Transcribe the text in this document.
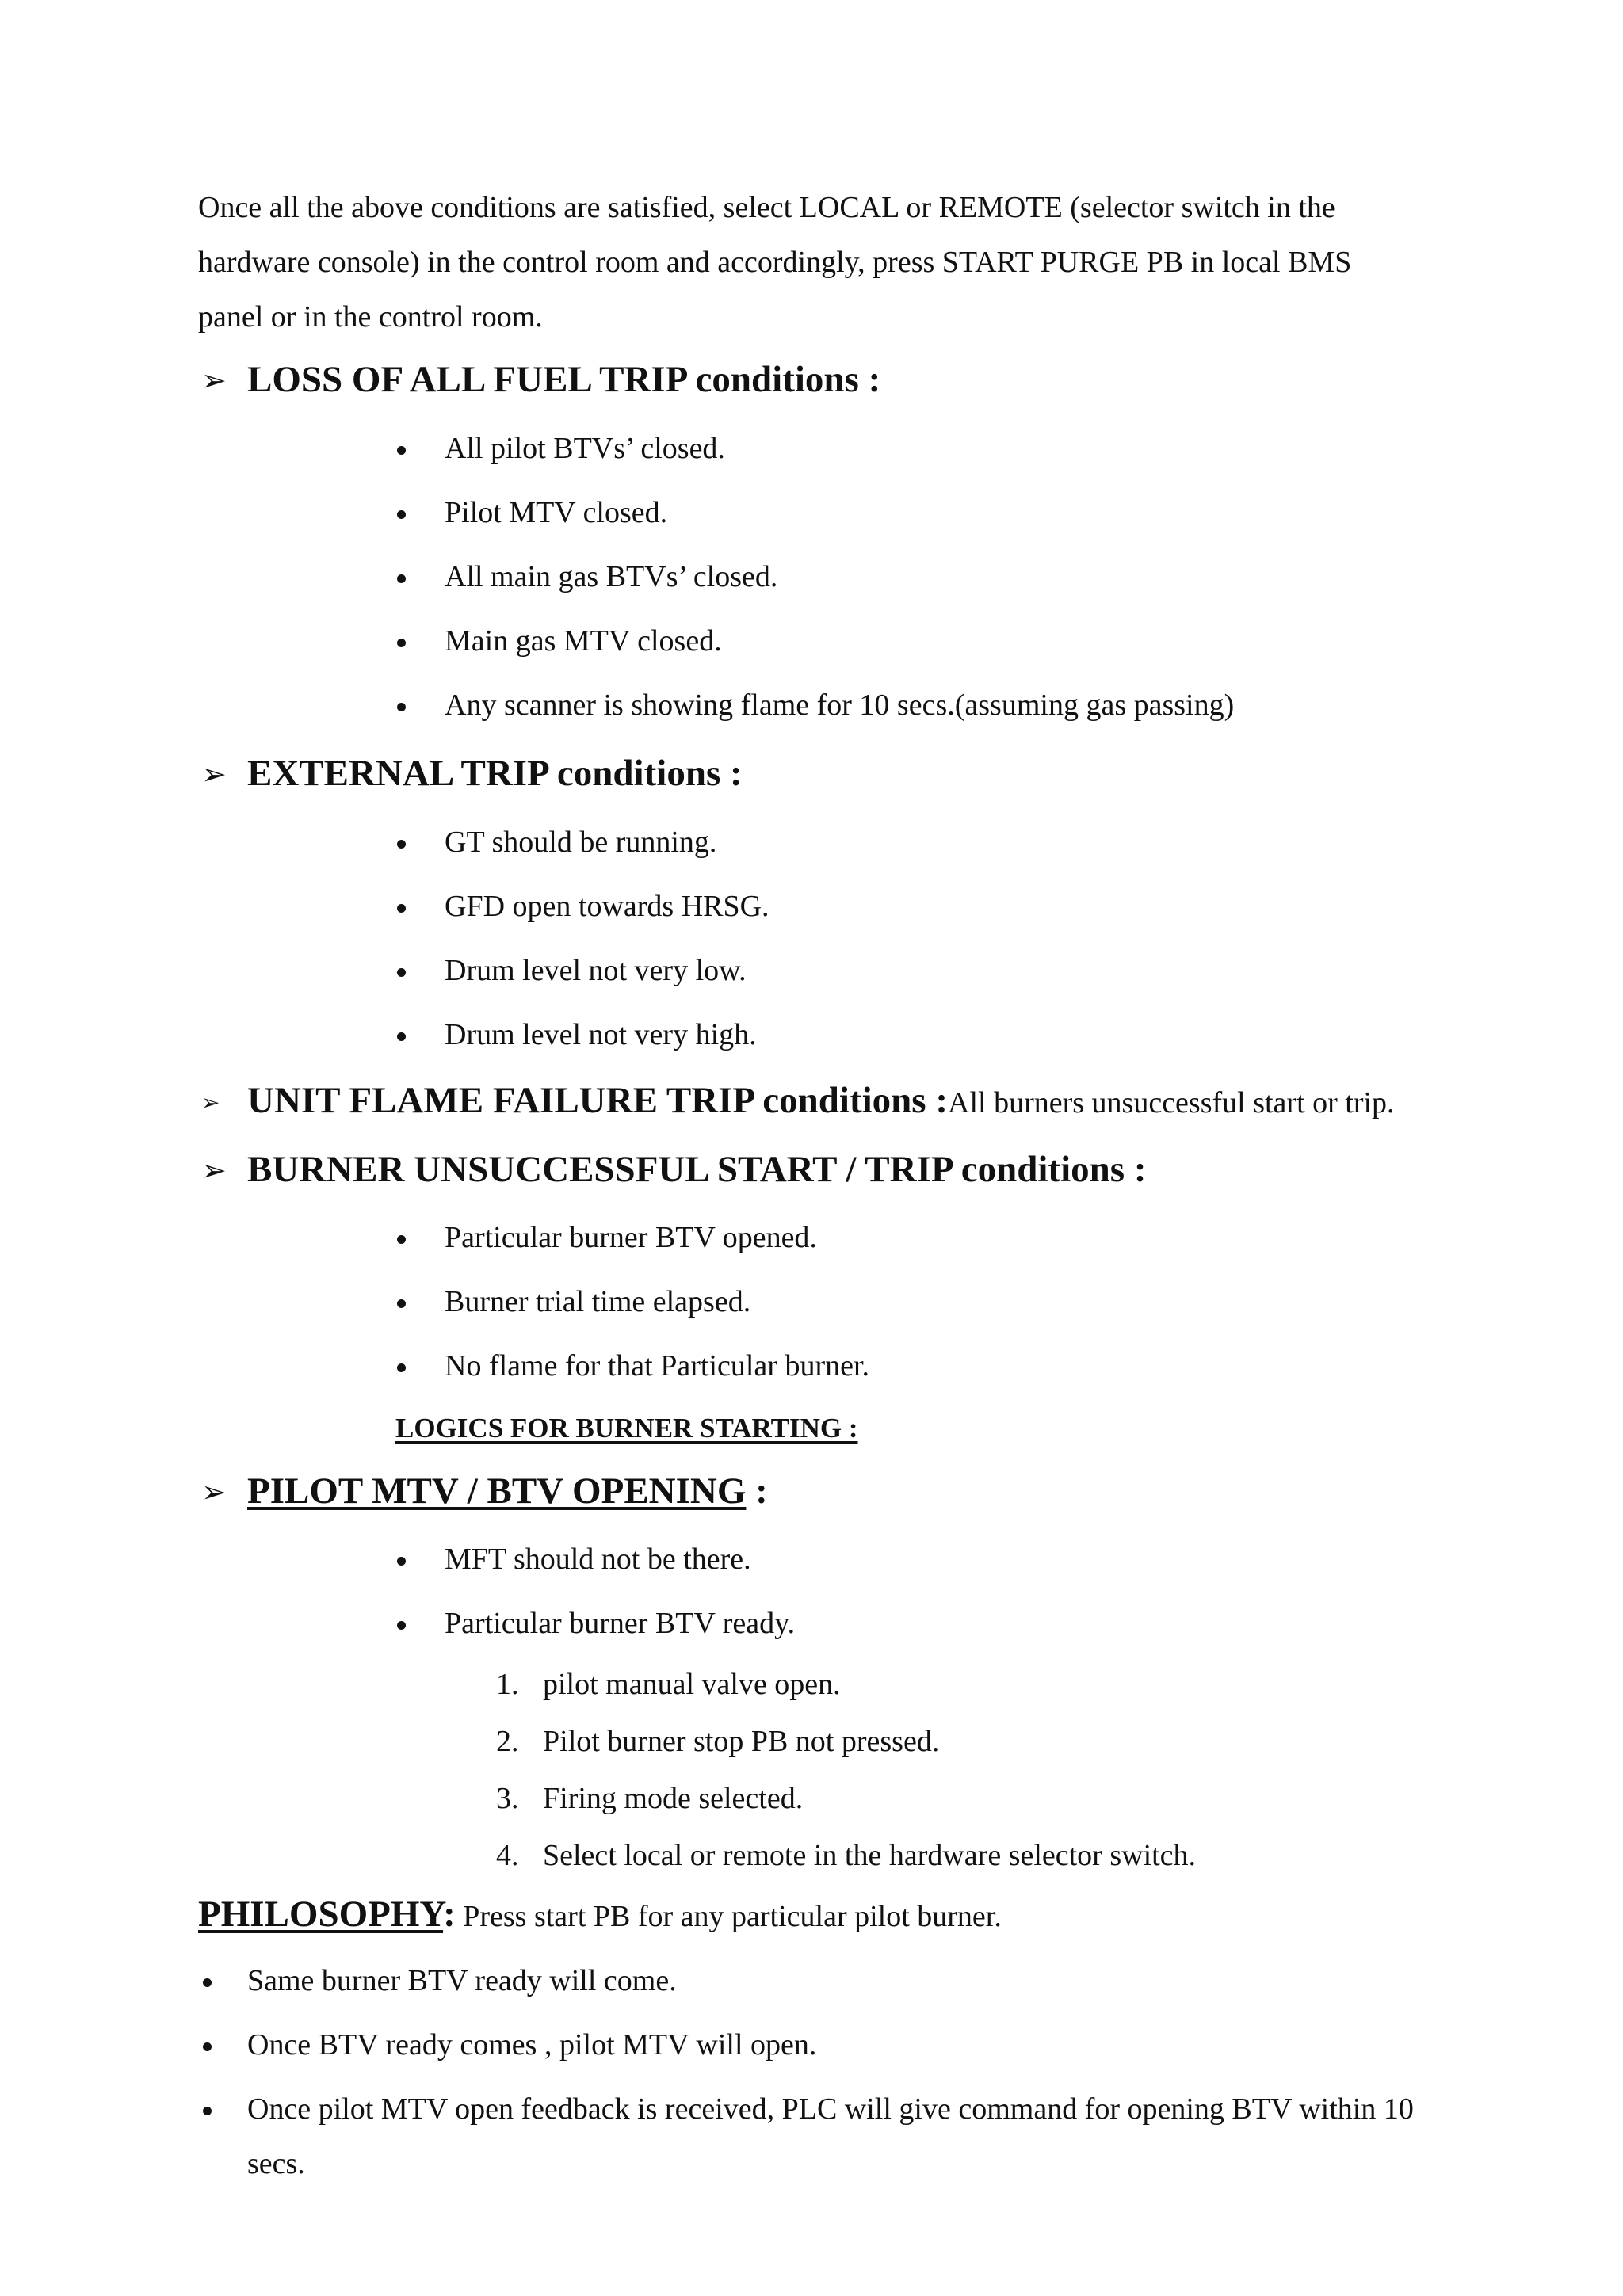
Once all the above conditions are satisfied, select LOCAL or REMOTE (selector switch in the
hardware console) in the control room and accordingly, press START PURGE PB in local BMS
panel or in the control room.
➢ LOSS OF ALL FUEL TRIP conditions :
All pilot BTVs’ closed.
Pilot MTV closed.
All main gas BTVs’ closed.
Main gas MTV closed.
Any scanner is showing flame for 10 secs.(assuming gas passing)
➢ EXTERNAL TRIP conditions :
GT should be running.
GFD open towards HRSG.
Drum level not very low.
Drum level not very high.
➢ UNIT FLAME FAILURE TRIP conditions :All burners unsuccessful start or trip.
➢ BURNER UNSUCCESSFUL START / TRIP conditions :
Particular burner BTV opened.
Burner trial time elapsed.
No flame for that Particular burner.
LOGICS FOR BURNER STARTING :
➢ PILOT MTV / BTV OPENING :
MFT should not be there.
Particular burner BTV ready.
1. pilot manual valve open.
2. Pilot burner stop PB not pressed.
3. Firing mode selected.
4. Select local or remote in the hardware selector switch.
PHILOSOPHY: Press start PB for any particular pilot burner.
Same burner BTV ready will come.
Once BTV ready comes , pilot MTV will open.
Once pilot MTV open feedback is received, PLC will give command for opening BTV within 10
secs.
